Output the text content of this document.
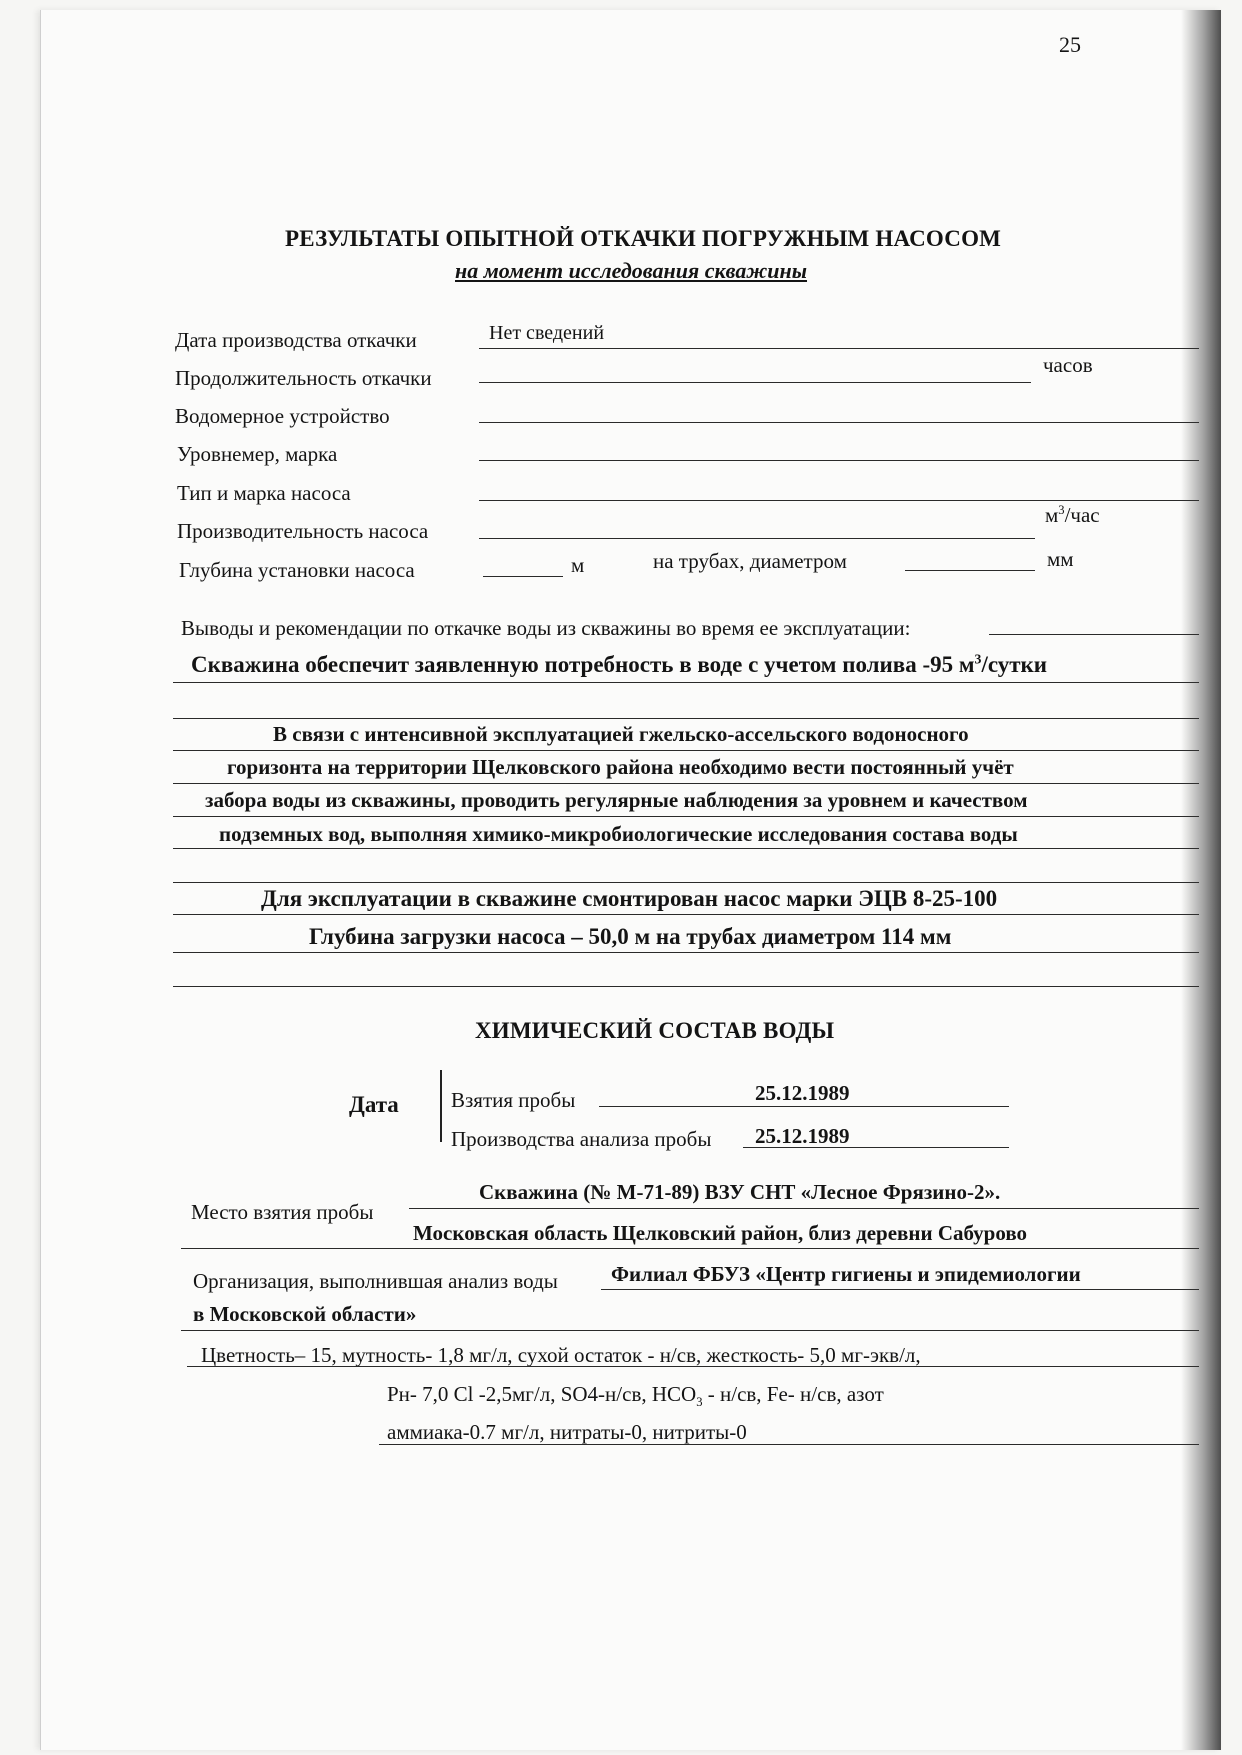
25
РЕЗУЛЬТАТЫ ОПЫТНОЙ ОТКАЧКИ ПОГРУЖНЫМ НАСОСОМ
на момент исследования скважины
Дата производства откачки	Нет сведений
Продолжительность откачки
часов
Водомерное устройство
Уровнемер, марка
Тип и марка насоса
Производительность насоса
$м^3$/час
Глубина установки насоса	м	на трубах, диаметром	мм
Выводы и рекомендации по откачке воды из скважины во время ее эксплуатации:
Скважина обеспечит заявленную потребность в воде с учетом полива -95 $м^3$/сутки
В связи с интенсивной эксплуатацией гжельско-ассельского водоносного
горизонта на территории Щелковского района необходимо вести постоянный учёт
забора воды из скважины, проводить регулярные наблюдения за уровнем и качеством
подземных вод, выполняя химико-микробиологические исследования состава воды
Для эксплуатации в скважине смонтирован насос марки ЭЦВ 8-25-100
Глубина загрузки насоса – 50,0 м на трубах диаметром 114 мм
ХИМИЧЕСКИЙ СОСТАВ ВОДЫ
Дата Взятия пробы	25.12.1989
Производства анализа пробы 25.12.1989
Место взятия пробы
Скважина (№ М-71-89) ВЗУ СНТ «Лесное Фрязино-2».
Московская область Щелковский район, близ деревни Сабурово
Организация, выполнившая анализ воды	Филиал ФБУЗ «Центр гигиены и эпидемиологии
в Московской области»
Цветность– 15, мутность- 1,8 мг/л, сухой остаток - н/св, жесткость- 5,0 мг-экв/л,
Рн- 7,0 Cl -2,5мг/л, SO4-н/св, $НСО_3 - н/св$, Fe- н/св, азот
аммиака-0.7 мг/л, нитраты-0, нитриты-0
